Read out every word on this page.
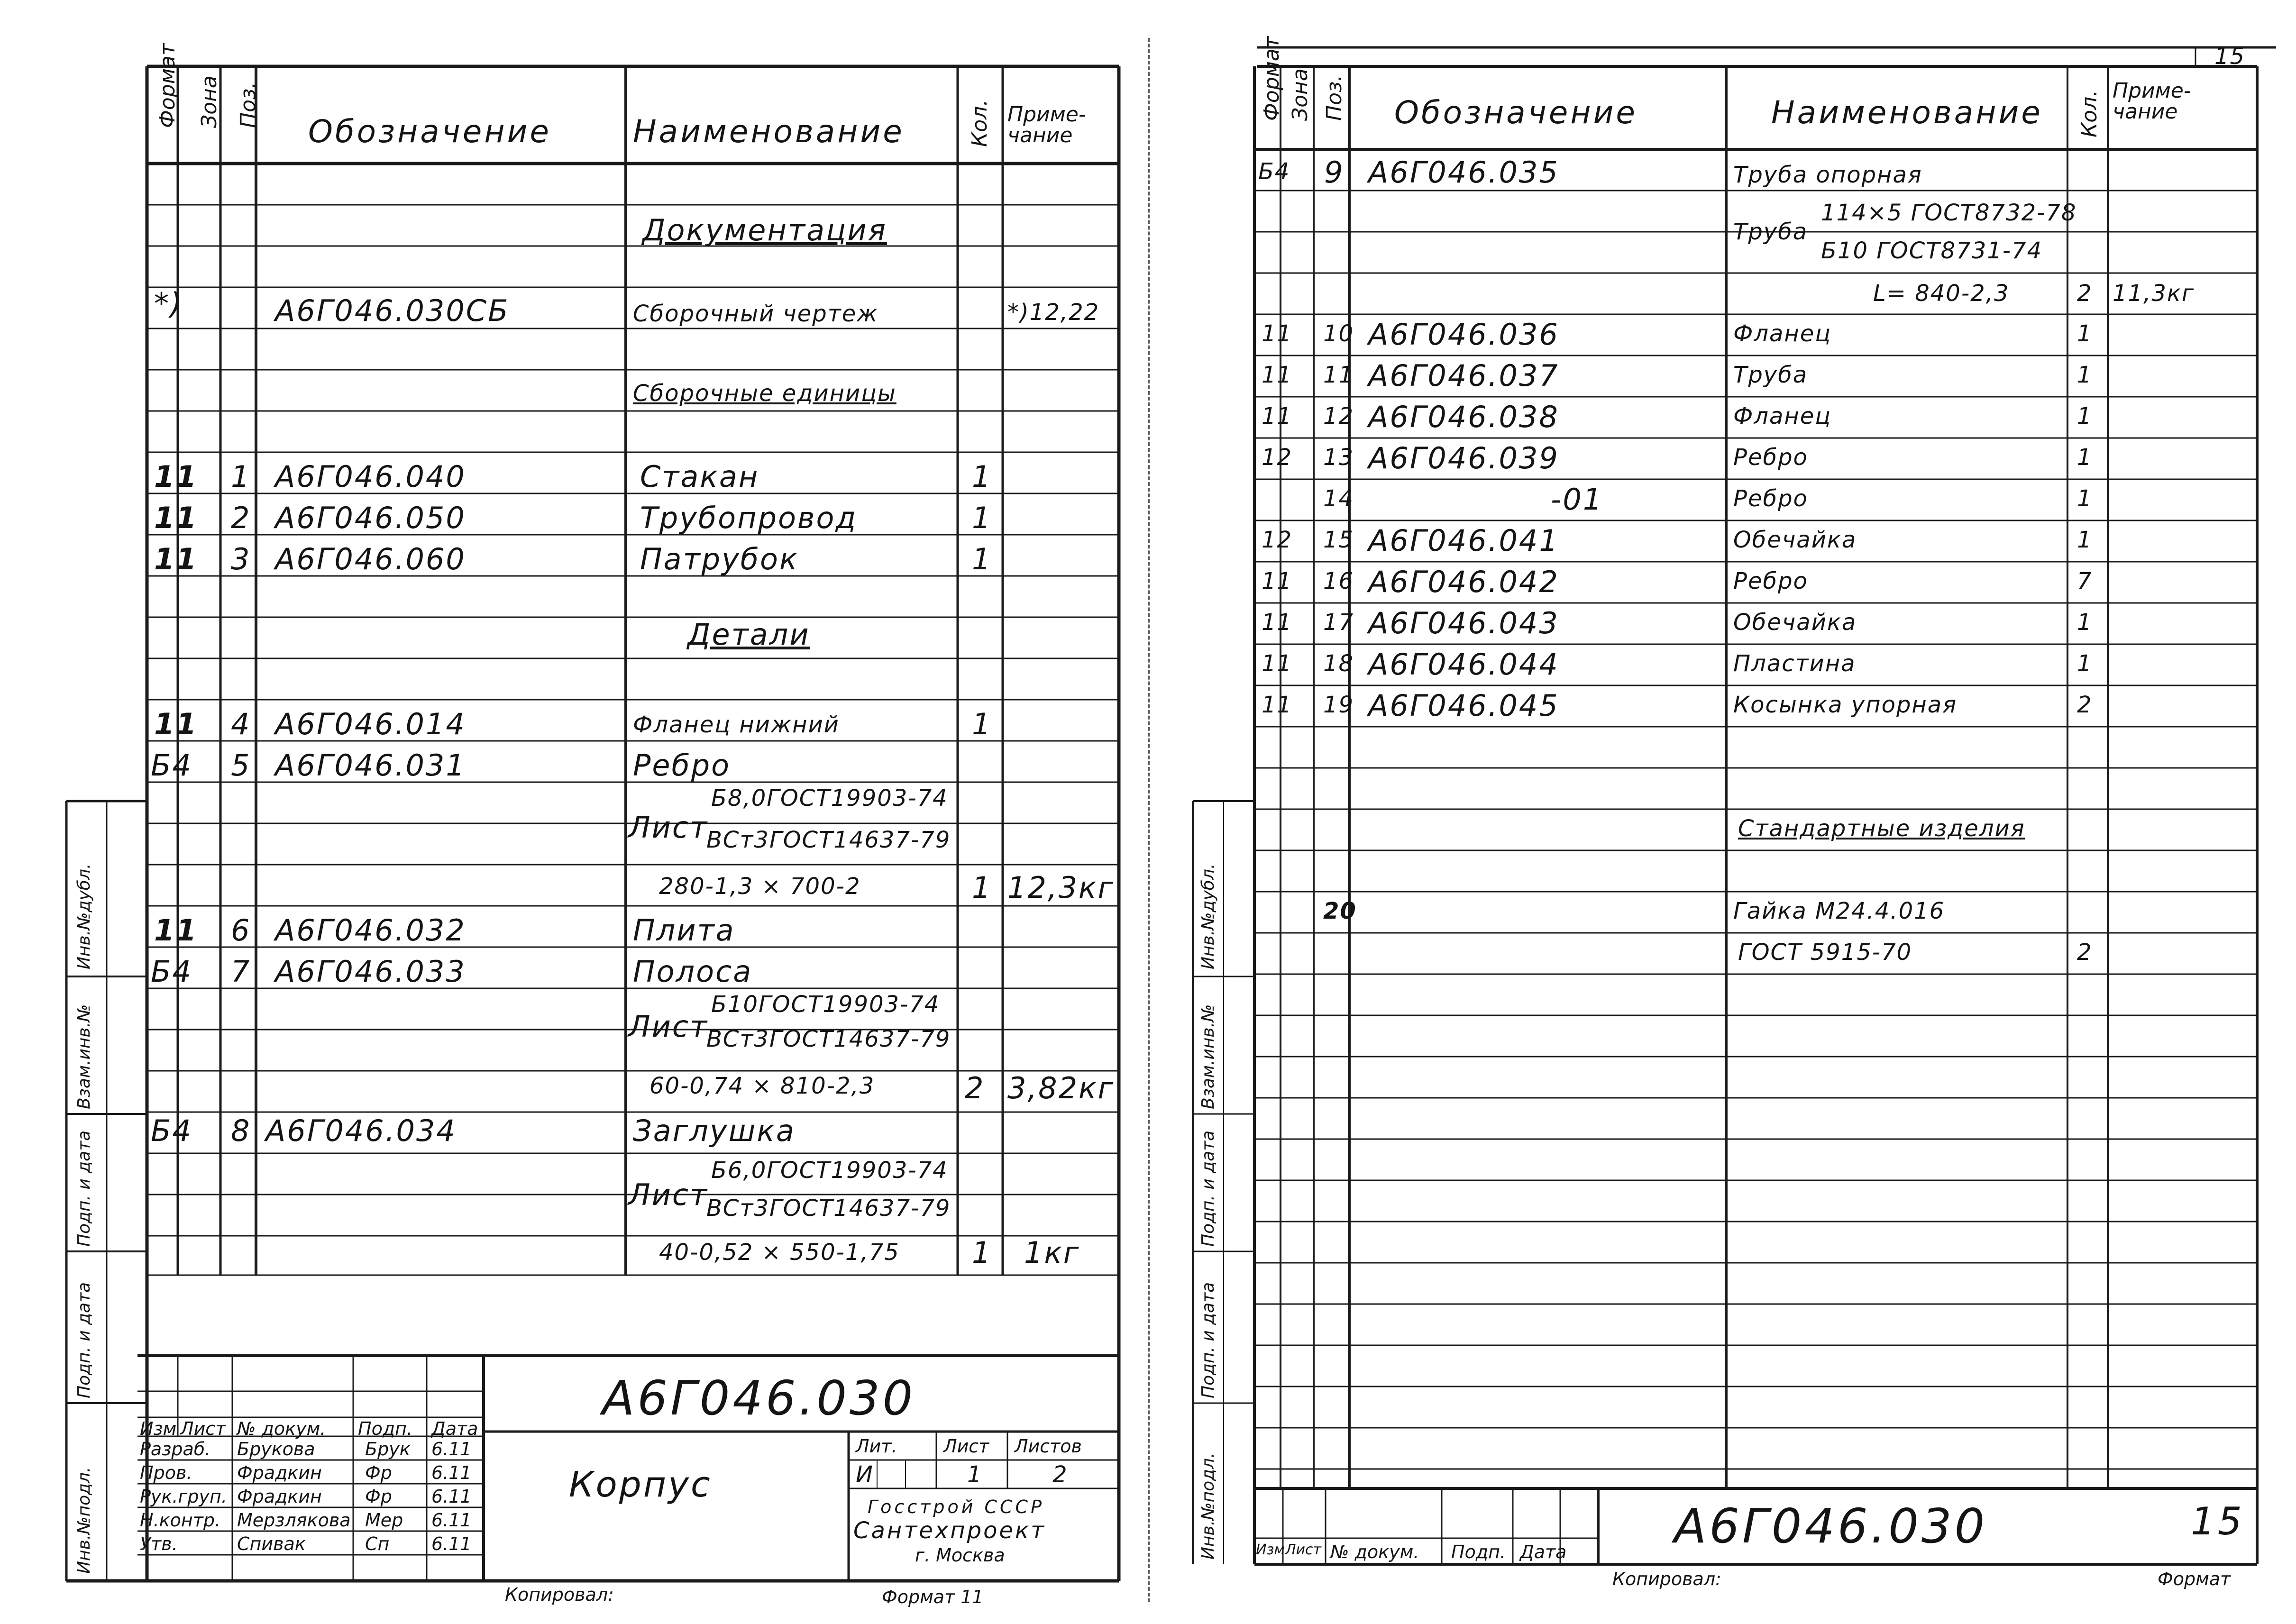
Формат Зона Поз.
Обозначение	Наименование	Кол. Приме-чание
Документация
*)	А6Г046.030СБ	Сборочный чертеж	*)12,22
Сборочные единицы
11 1 А6Г046.040	Стакан	1
11 2 А6Г046.050	Трубопровод	1
11 3 А6Г046.060	Патрубок	1
Детали
11 4 А6Г046.014	Фланец нижний	1
Б4 5 А6Г046.031	Ребро
Лист
Б8,0ГОСТ19903-74
ВСт3ГОСТ14637-79
280-1,3 × 700-2	1 12,3кг
11 6 А6Г046.032	Плита
Б4 7 А6Г046.033	Полоса
Лист
Б10ГОСТ19903-74
ВСт3ГОСТ14637-79
60-0,74 × 810-2,3	2 3,82кг
Б4 8 А6Г046.034	Заглушка
Лист
Б6,0ГОСТ19903-74
ВСт3ГОСТ14637-79
40-0,52 × 550-1,75 1 1кг
Инв.№дубл.
Взам.инв.№
Подп. и дата
Подп. и дата
Инв.№подл.
А6Г046.030
Корпус
Изм Лист № докум. Подп. Дата
Разраб. Брукова	Брук 6.11
Пров. Фрадкин Фр 6.11
Рук.груп. Фрадкин Фр 6.11
Н.контр. Мерзлякова Мер 6.11
Утв.	Спивак	Сп 6.11
Лит.	Лист Листов
И	1	2
Госстрой СССР
Сантехпроект
г. Москва
Копировал:	Формат 11
15
Формат Зона Поз. Обозначение	Наименование Кол. Приме-чание
Б4 9 А6Г046.035	Труба опорная
Труба
114×5 ГОСТ8732-78
Б10 ГОСТ8731-74
L= 840-2,3	2 11,3кг
11 10 А6Г046.036	Фланец	1
11 11 А6Г046.037	Труба	1
11 12 А6Г046.038	Фланец	1
12 13 А6Г046.039	Ребро	1
14	-01	Ребро	1
12 15 А6Г046.041	Обечайка	1
11 16 А6Г046.042	Ребро	7
11 17 А6Г046.043	Обечайка	1
11 18 А6Г046.044	Пластина	1
11 19 А6Г046.045	Косынка упорная	2
Стандартные изделия
20	Гайка М24.4.016
ГОСТ 5915-70	2
Инв.№дубл.
Взам.инв.№
Подп. и дата
Подп. и дата
Инв.№подл.	А6Г046.030	15
Изм Лист № докум. Подп. Дата
Копировал:	Формат
